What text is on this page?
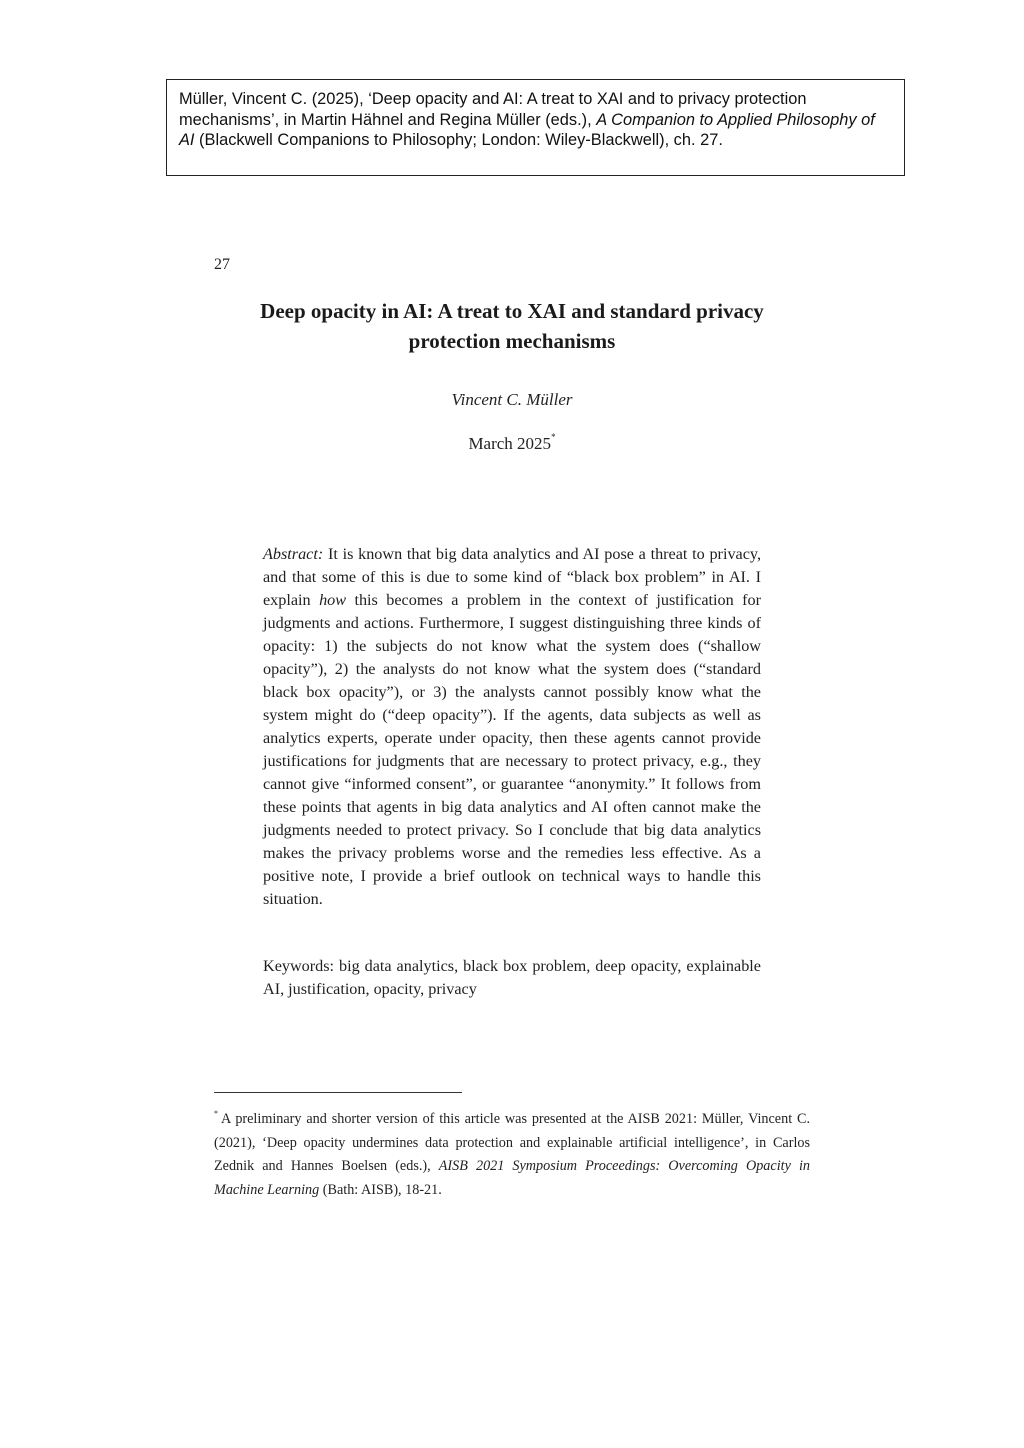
Müller, Vincent C. (2025), ‘Deep opacity and AI: A treat to XAI and to privacy protection mechanisms’, in Martin Hähnel and Regina Müller (eds.), A Companion to Applied Philosophy of AI (Blackwell Companions to Philosophy; London: Wiley-Blackwell), ch. 27.
27
Deep opacity in AI: A treat to XAI and standard privacy protection mechanisms
Vincent C. Müller
March 2025*
Abstract: It is known that big data analytics and AI pose a threat to privacy, and that some of this is due to some kind of “black box problem” in AI. I explain how this becomes a problem in the context of justification for judgments and actions. Furthermore, I suggest distinguishing three kinds of opacity: 1) the subjects do not know what the system does (“shallow opacity”), 2) the analysts do not know what the system does (“standard black box opacity”), or 3) the analysts cannot possibly know what the system might do (“deep opacity”). If the agents, data subjects as well as analytics experts, operate under opacity, then these agents cannot provide justifications for judgments that are necessary to protect privacy, e.g., they cannot give “informed consent”, or guarantee “anonymity.” It follows from these points that agents in big data analytics and AI often cannot make the judgments needed to protect privacy. So I conclude that big data analytics makes the privacy problems worse and the remedies less effective. As a positive note, I provide a brief outlook on technical ways to handle this situation.
Keywords: big data analytics, black box problem, deep opacity, explainable AI, justification, opacity, privacy
* A preliminary and shorter version of this article was presented at the AISB 2021: Müller, Vincent C. (2021), ‘Deep opacity undermines data protection and explainable artificial intelligence’, in Carlos Zednik and Hannes Boelsen (eds.), AISB 2021 Symposium Proceedings: Overcoming Opacity in Machine Learning (Bath: AISB), 18-21.
